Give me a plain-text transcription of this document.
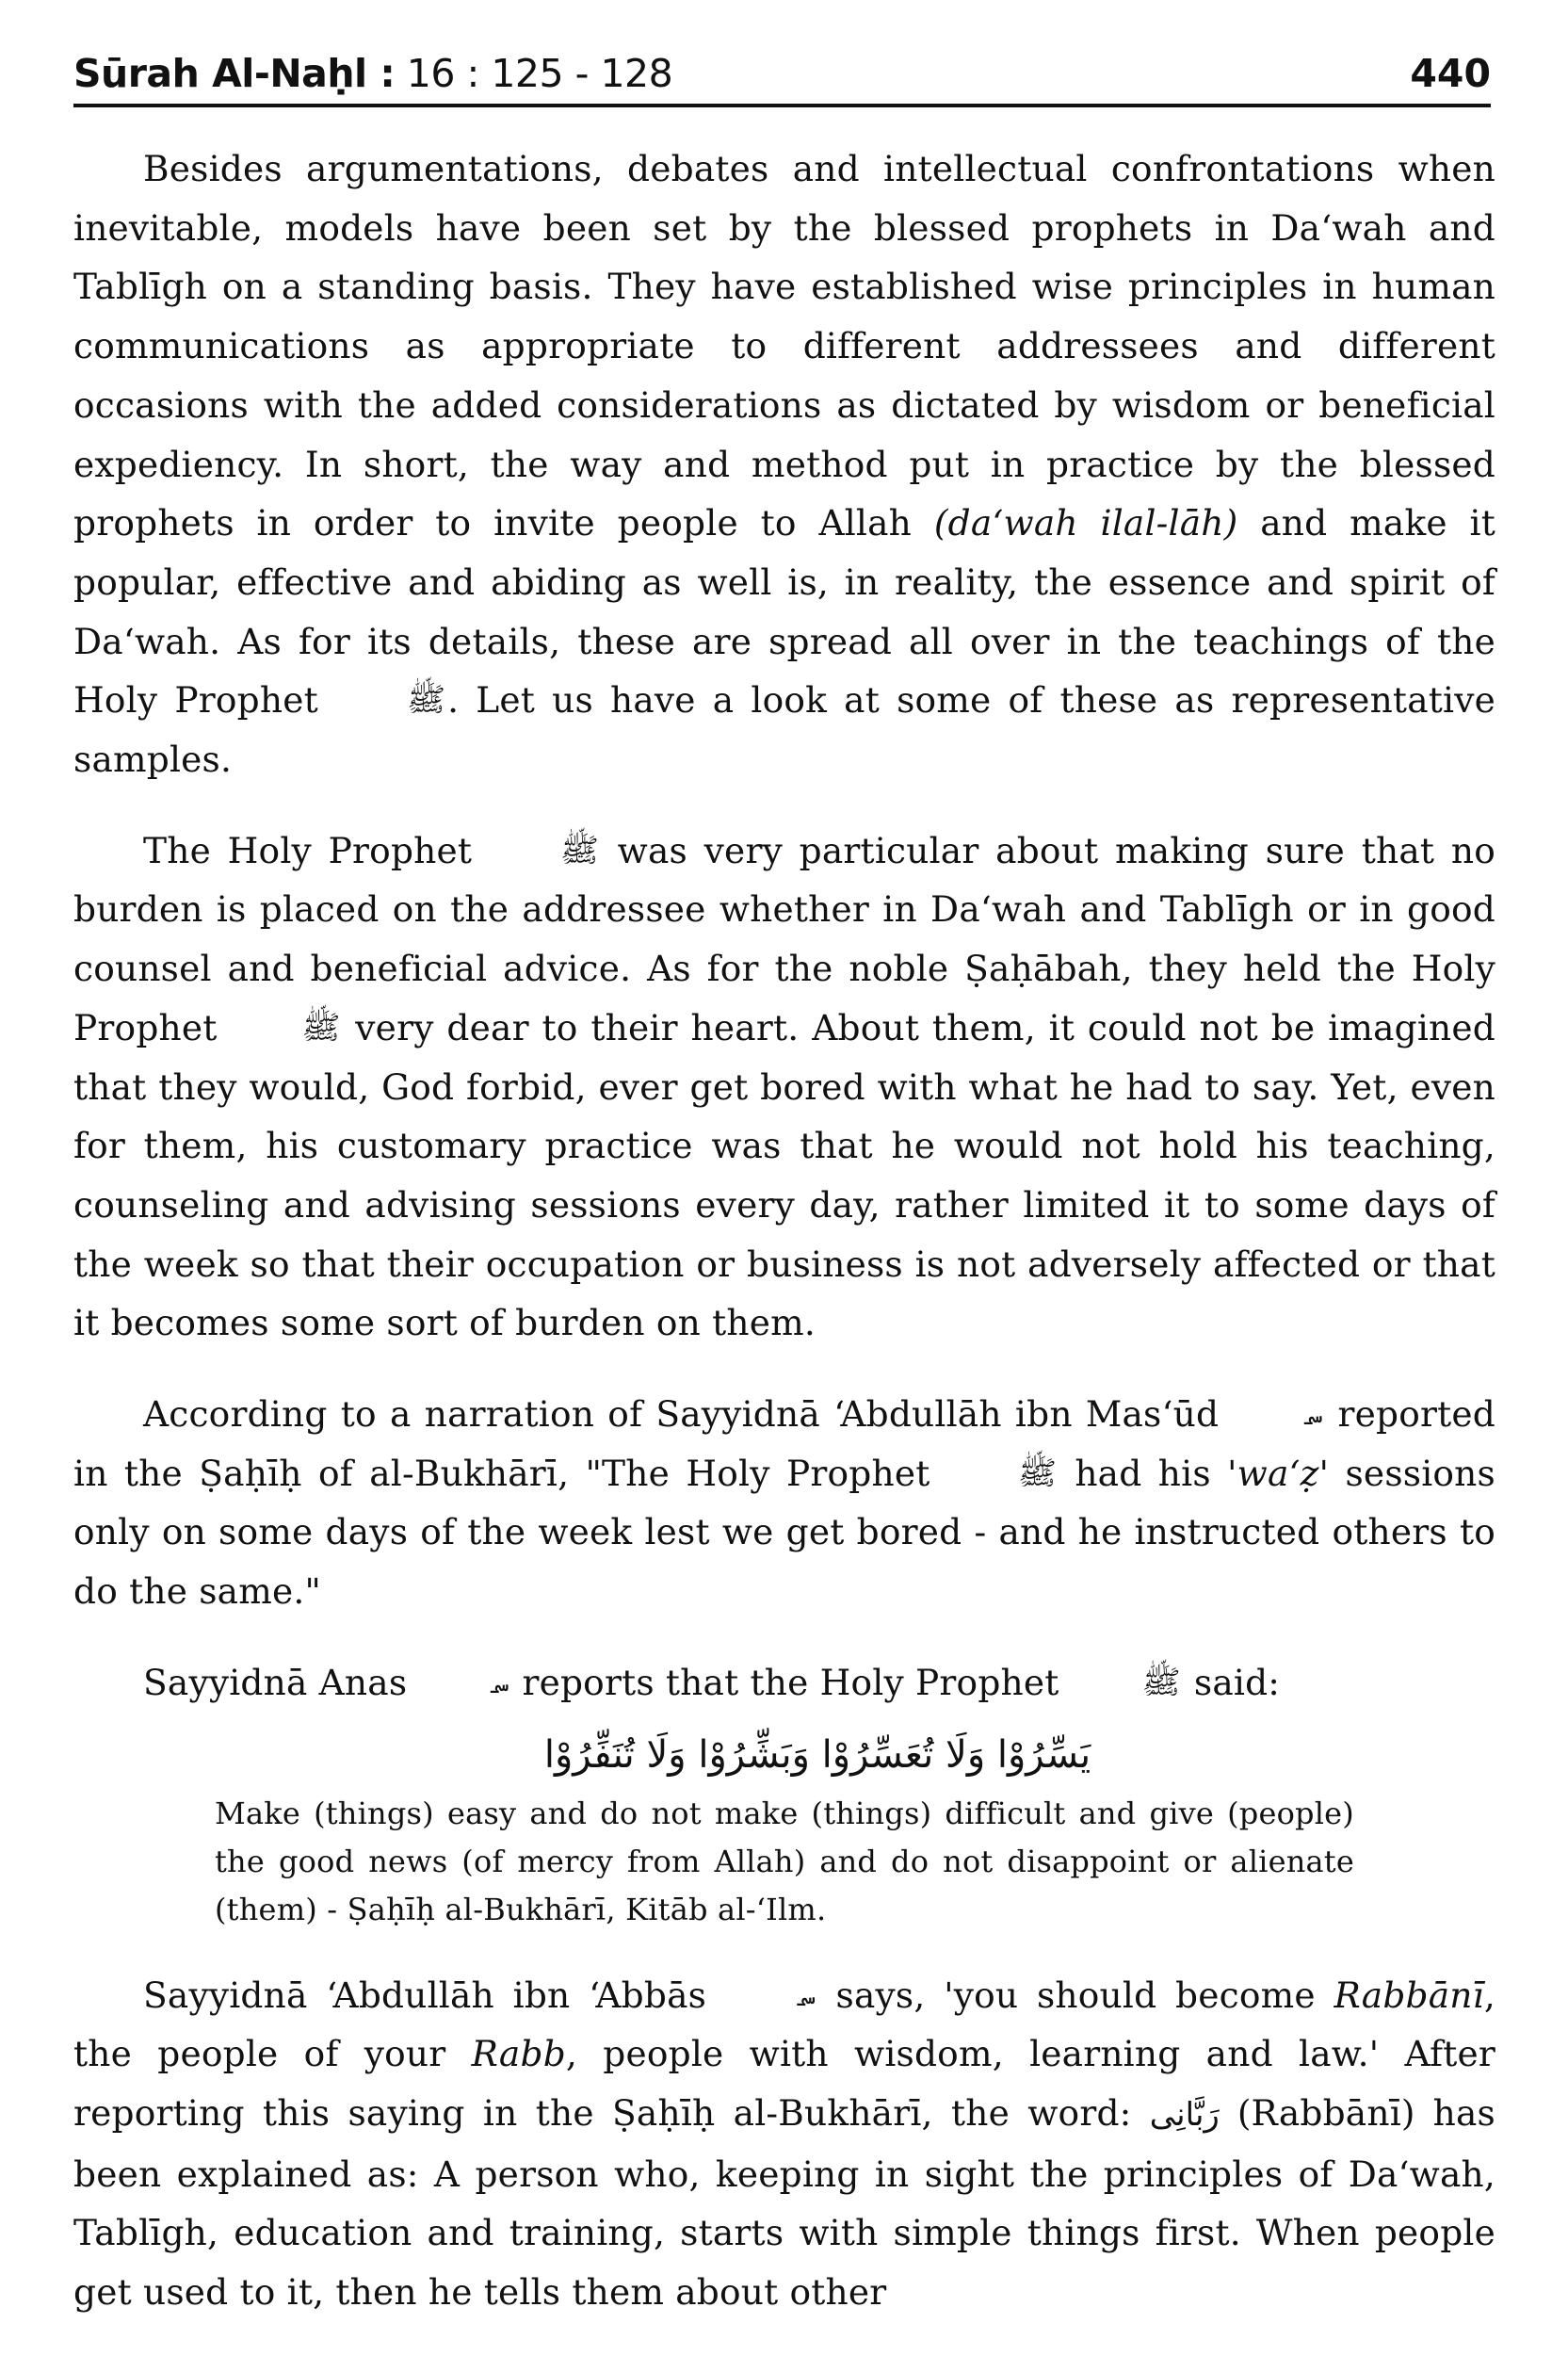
Sūrah Al-Naḥl : 16 : 125 - 128	440

Besides argumentations, debates and intellectual confrontations when inevitable, models have been set by the blessed prophets in Da‘wah and Tablīgh on a standing basis. They have established wise principles in human communications as appropriate to different addressees and different occasions with the added considerations as dictated by wisdom or beneficial expediency. In short, the way and method put in practice by the blessed prophets in order to invite people to Allah (da‘wah ilal-lāh) and make it popular, effective and abiding as well is, in reality, the essence and spirit of Da‘wah. As for its details, these are spread all over in the teachings of the Holy Prophet ﷺ. Let us have a look at some of these as representative samples.

The Holy Prophet ﷺ was very particular about making sure that no burden is placed on the addressee whether in Da‘wah and Tablīgh or in good counsel and beneficial advice. As for the noble Ṣaḥābah, they held the Holy Prophet ﷺ very dear to their heart. About them, it could not be imagined that they would, God forbid, ever get bored with what he had to say. Yet, even for them, his customary practice was that he would not hold his teaching, counseling and advising sessions every day, rather limited it to some days of the week so that their occupation or business is not adversely affected or that it becomes some sort of burden on them.

According to a narration of Sayyidnā ‘Abdullāh ibn Mas‘ūd ؄ reported in the Ṣaḥīḥ of al-Bukhārī, "The Holy Prophet ﷺ had his 'wa‘ẓ' sessions only on some days of the week lest we get bored - and he instructed others to do the same."

Sayyidnā Anas ؄ reports that the Holy Prophet ﷺ said:

يَسِّرُوْا وَلَا تُعَسِّرُوْا وَبَشِّرُوْا وَلَا تُنَفِّرُوْا
Make (things) easy and do not make (things) difficult and give (people) the good news (of mercy from Allah) and do not disappoint or alienate (them) - Ṣaḥīḥ al-Bukhārī, Kitāb al-‘Ilm.

Sayyidnā ‘Abdullāh ibn ‘Abbās ؄ says, 'you should become Rabbānī, the people of your Rabb, people with wisdom, learning and law.' After reporting this saying in the Ṣaḥīḥ al-Bukhārī, the word: رَبَّانِی (Rabbānī) has been explained as: A person who, keeping in sight the principles of Da‘wah, Tablīgh, education and training, starts with simple things first. When people get used to it, then he tells them about other
